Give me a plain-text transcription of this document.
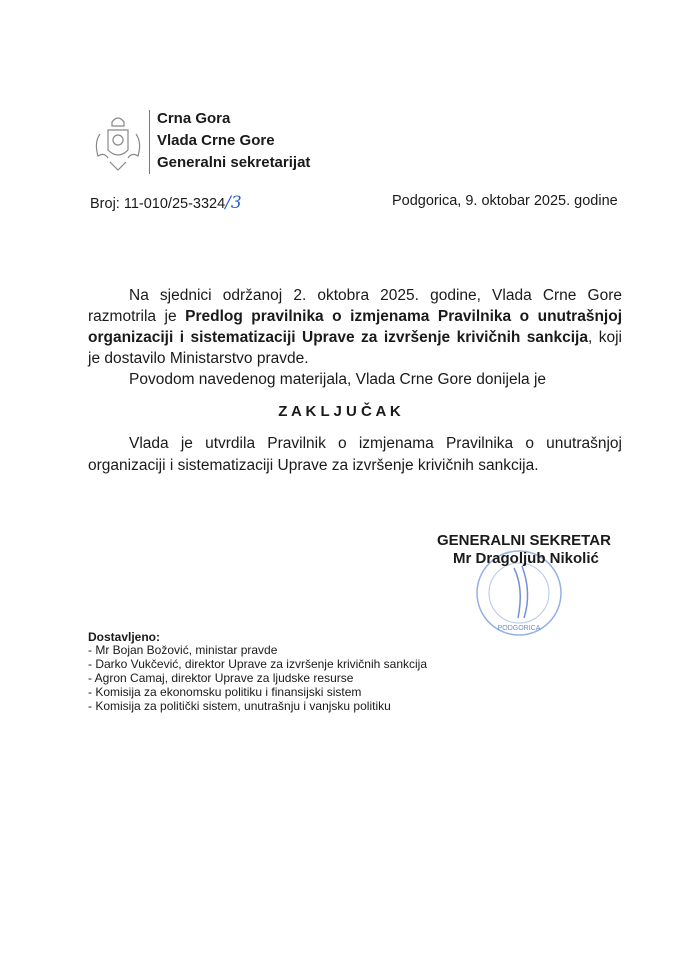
Crna Gora
Vlada Crne Gore
Generalni sekretarijat
Broj: 11-010/25-3324/3	Podgorica, 9. oktobar 2025. godine
Na sjednici održanoj 2. oktobra 2025. godine, Vlada Crne Gore
razmotrila je Predlog pravilnika o izmjenama Pravilnika o unutrašnjoj
organizaciji i sistematizaciji Uprave za izvršenje krivičnih sankcija, koji
je dostavilo Ministarstvo pravde.
Povodom navedenog materijala, Vlada Crne Gore donijela je
Z A K L J U Č A K
Vlada je utvrdila Pravilnik o izmjenama Pravilnika o unutrašnjoj
organizaciji i sistematizaciji Uprave za izvršenje krivičnih sankcija.
PODGORICA
GENERALNI SEKRETAR
Mr Dragoljub Nikolić
Dostavljeno:
- Mr Bojan Božović, ministar pravde
- Darko Vukčević, direktor Uprave za izvršenje krivičnih sankcija
- Agron Camaj, direktor Uprave za ljudske resurse
- Komisija za ekonomsku politiku i finansijski sistem
- Komisija za politički sistem, unutrašnju i vanjsku politiku
